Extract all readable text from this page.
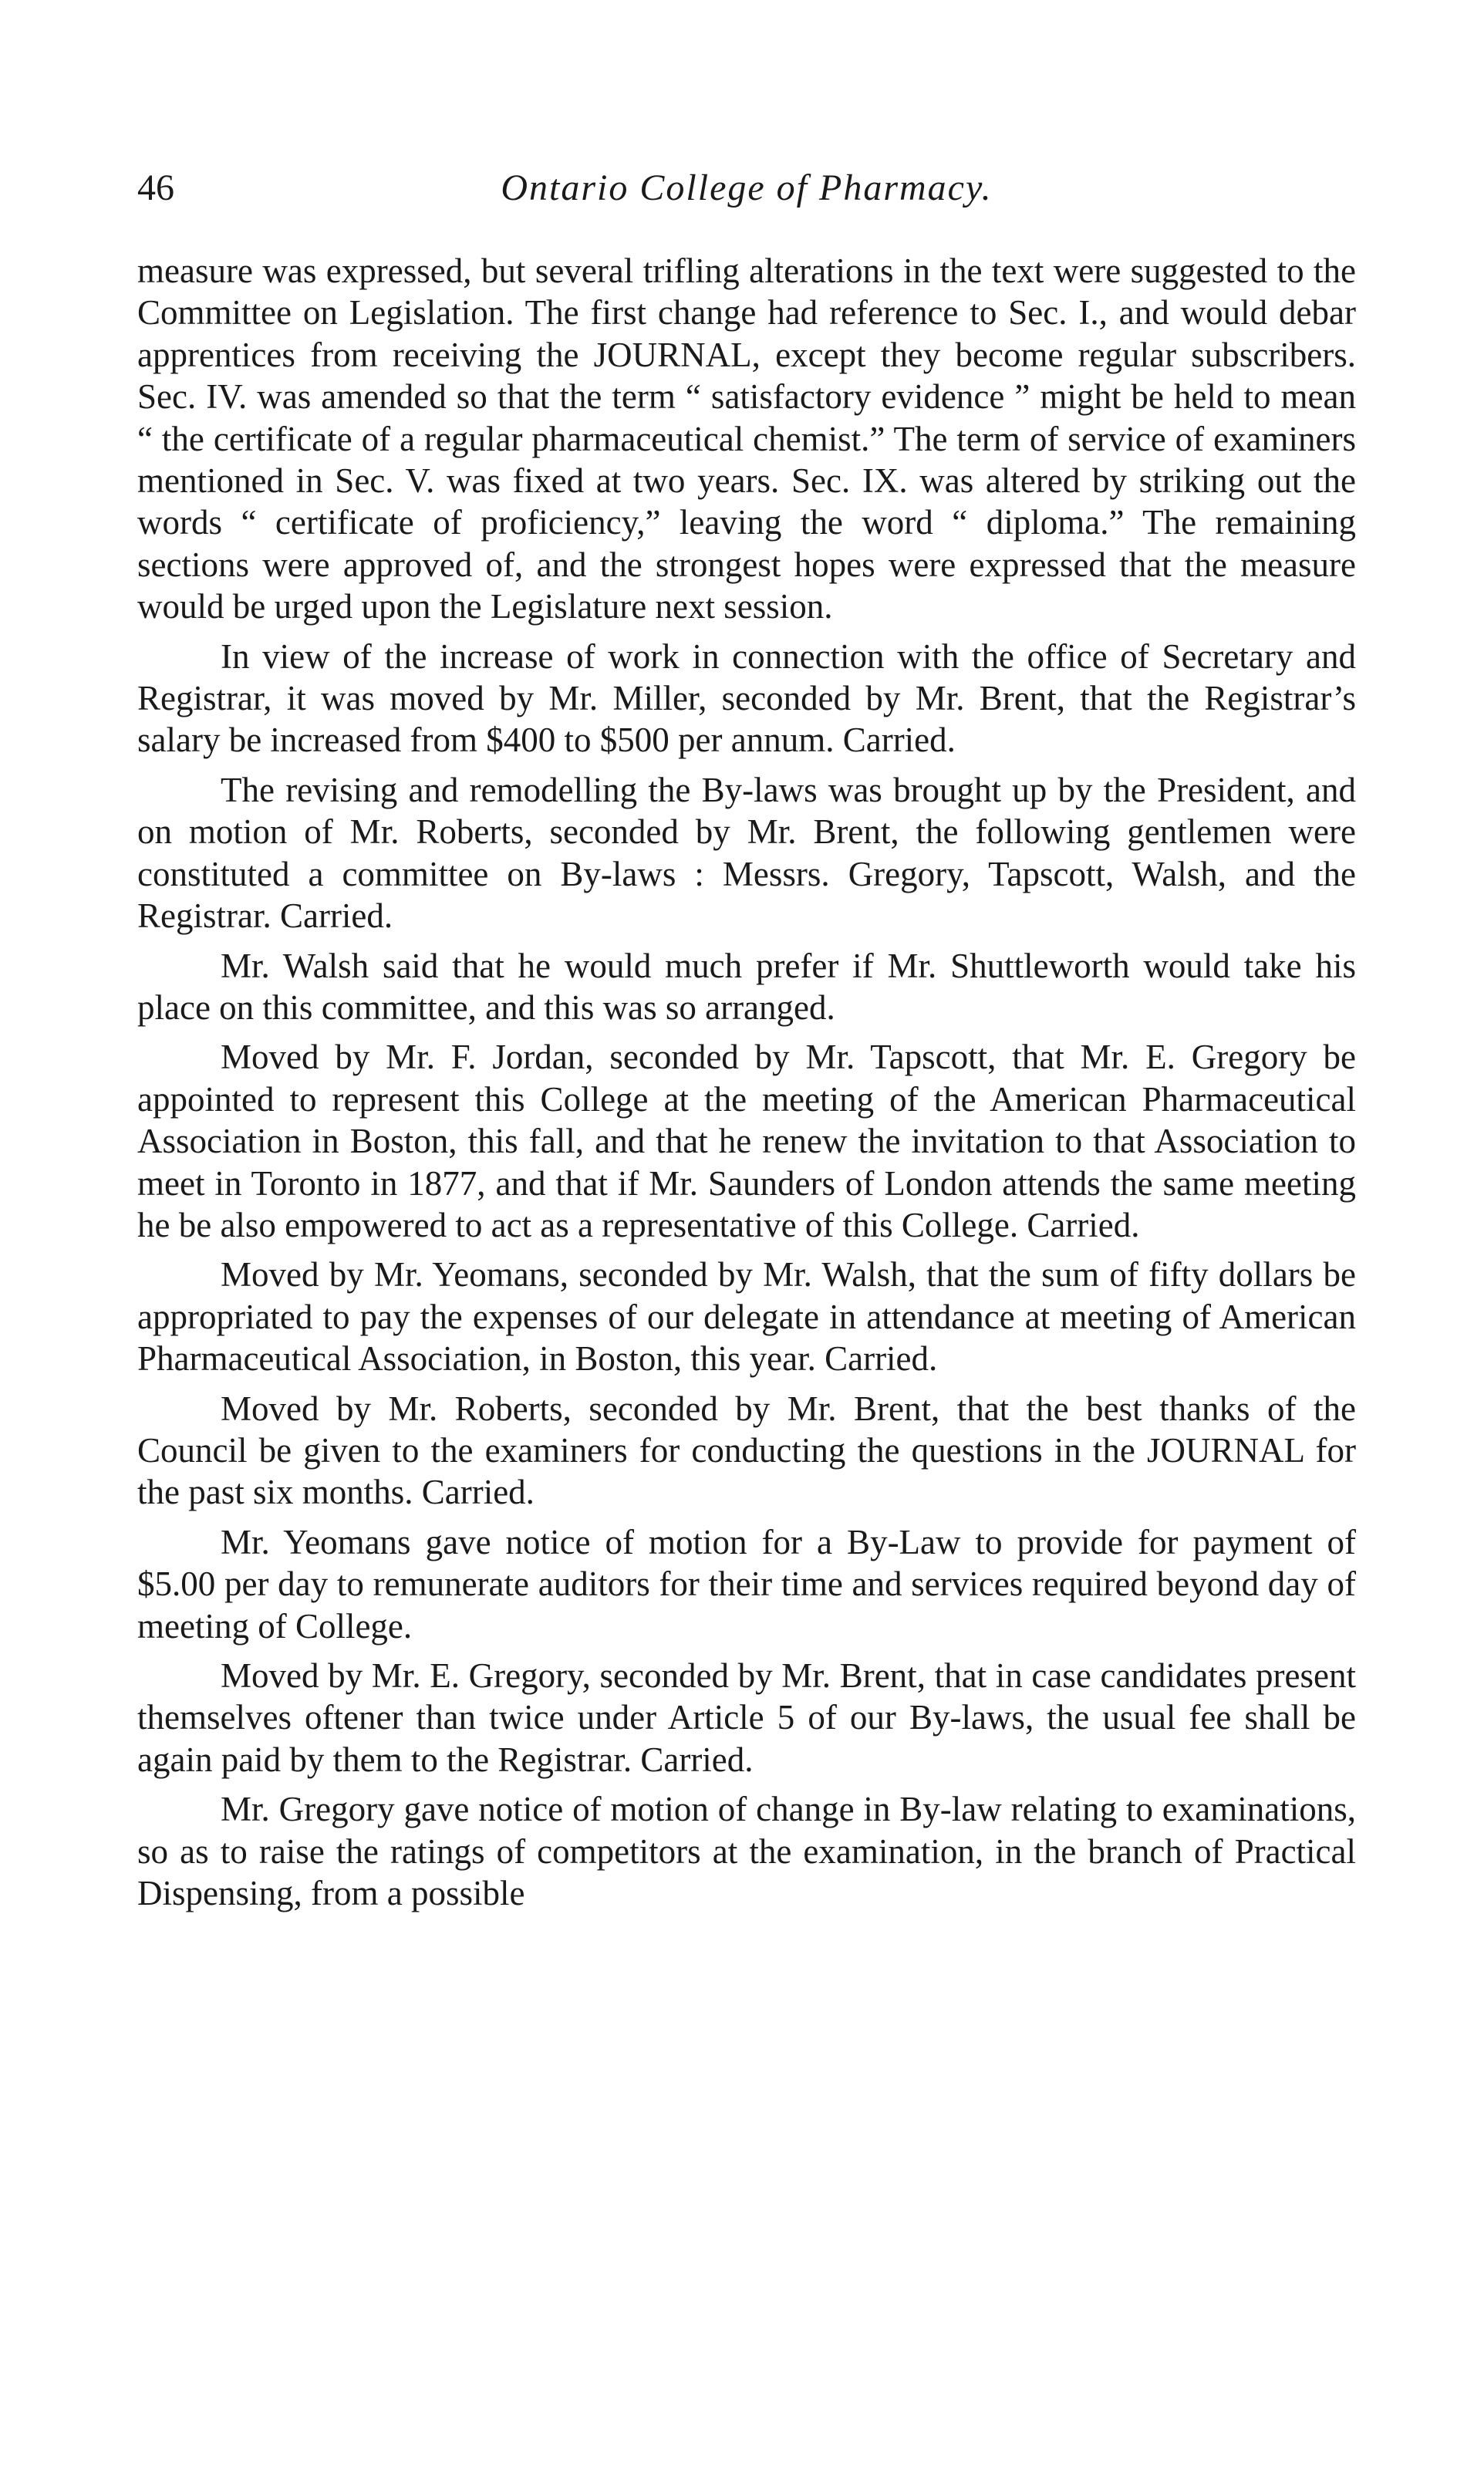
46	Ontario College of Pharmacy.

measure was expressed, but several trifling alterations in the text were suggested to the Committee on Legislation. The first change had reference to Sec. I., and would debar apprentices from receiving the JOURNAL, except they become regular subscribers. Sec. IV. was amended so that the term “ satisfactory evidence ” might be held to mean “ the certificate of a regular pharmaceutical chemist.” The term of service of examiners mentioned in Sec. V. was fixed at two years. Sec. IX. was altered by striking out the words “ certificate of proficiency,” leaving the word “ diploma.” The remaining sections were approved of, and the strongest hopes were expressed that the measure would be urged upon the Legislature next session.

In view of the increase of work in connection with the office of Secretary and Registrar, it was moved by Mr. Miller, seconded by Mr. Brent, that the Registrar’s salary be increased from $400 to $500 per annum. Carried.

The revising and remodelling the By-laws was brought up by the President, and on motion of Mr. Roberts, seconded by Mr. Brent, the following gentlemen were constituted a committee on By-laws : Messrs. Gregory, Tapscott, Walsh, and the Registrar. Carried.

Mr. Walsh said that he would much prefer if Mr. Shuttleworth would take his place on this committee, and this was so arranged.

Moved by Mr. F. Jordan, seconded by Mr. Tapscott, that Mr. E. Gregory be appointed to represent this College at the meeting of the American Pharmaceutical Association in Boston, this fall, and that he renew the invitation to that Association to meet in Toronto in 1877, and that if Mr. Saunders of London attends the same meeting he be also empowered to act as a representative of this College. Carried.

Moved by Mr. Yeomans, seconded by Mr. Walsh, that the sum of fifty dollars be appropriated to pay the expenses of our delegate in attendance at meeting of American Pharmaceutical Association, in Boston, this year. Carried.

Moved by Mr. Roberts, seconded by Mr. Brent, that the best thanks of the Council be given to the examiners for conducting the questions in the JOURNAL for the past six months. Carried.

Mr. Yeomans gave notice of motion for a By-Law to provide for payment of $5.00 per day to remunerate auditors for their time and services required beyond day of meeting of College.

Moved by Mr. E. Gregory, seconded by Mr. Brent, that in case candidates present themselves oftener than twice under Article 5 of our By-laws, the usual fee shall be again paid by them to the Registrar. Carried.

Mr. Gregory gave notice of motion of change in By-law relating to examinations, so as to raise the ratings of competitors at the examination, in the branch of Practical Dispensing, from a possible
